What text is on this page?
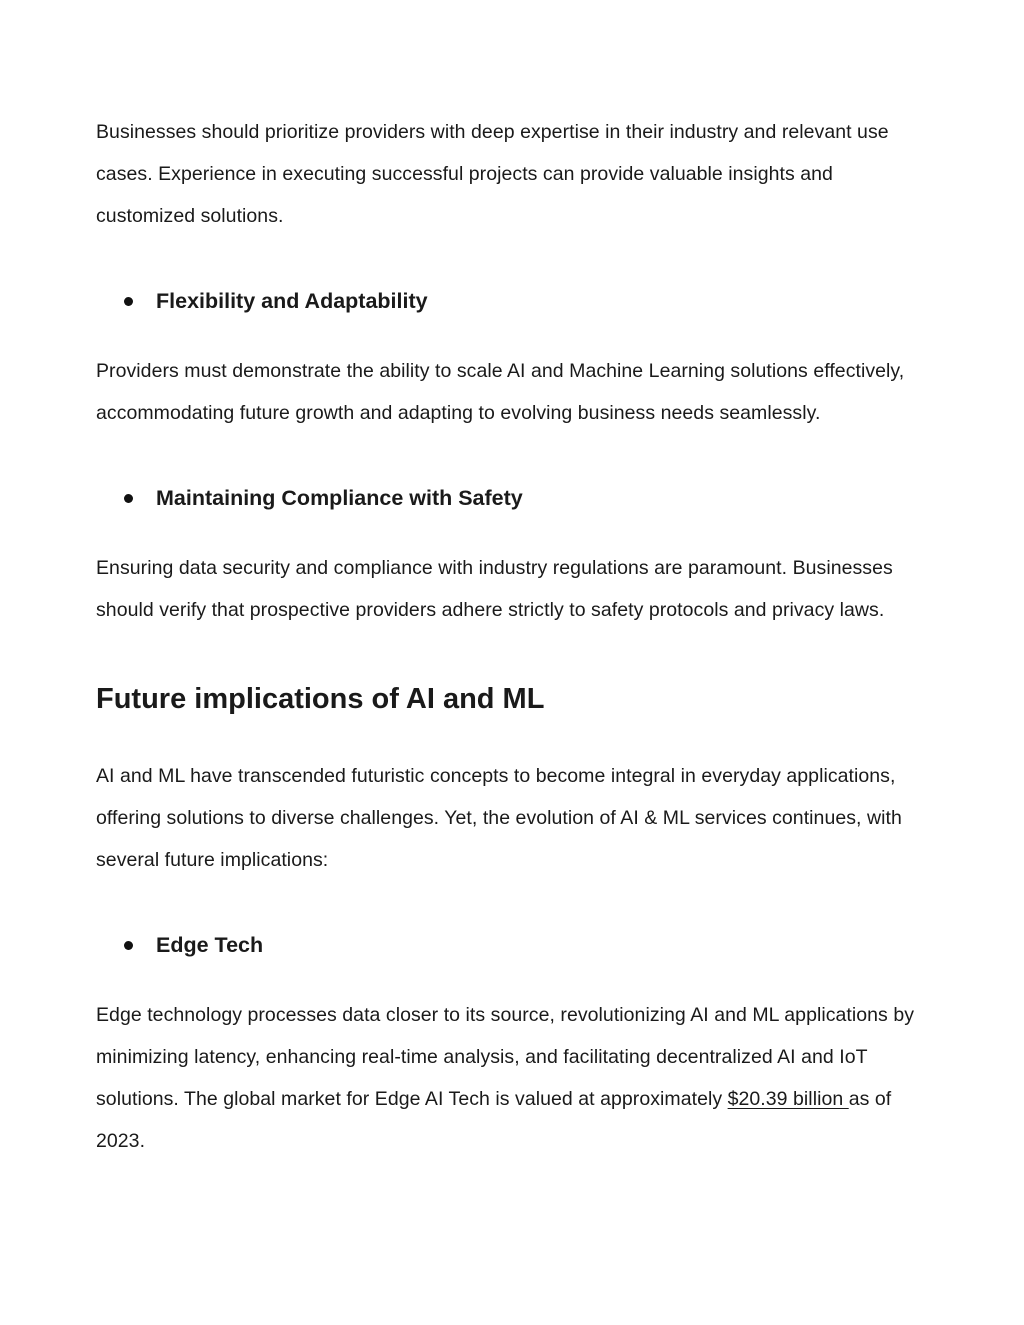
Businesses should prioritize providers with deep expertise in their industry and relevant use cases. Experience in executing successful projects can provide valuable insights and customized solutions.

Flexibility and Adaptability

Providers must demonstrate the ability to scale AI and Machine Learning solutions effectively, accommodating future growth and adapting to evolving business needs seamlessly.

Maintaining Compliance with Safety

Ensuring data security and compliance with industry regulations are paramount. Businesses should verify that prospective providers adhere strictly to safety protocols and privacy laws.

Future implications of AI and ML

AI and ML have transcended futuristic concepts to become integral in everyday applications, offering solutions to diverse challenges. Yet, the evolution of AI & ML services continues, with several future implications:

Edge Tech

Edge technology processes data closer to its source, revolutionizing AI and ML applications by minimizing latency, enhancing real-time analysis, and facilitating decentralized AI and IoT solutions. The global market for Edge AI Tech is valued at approximately $20.39 billion as of 2023.
